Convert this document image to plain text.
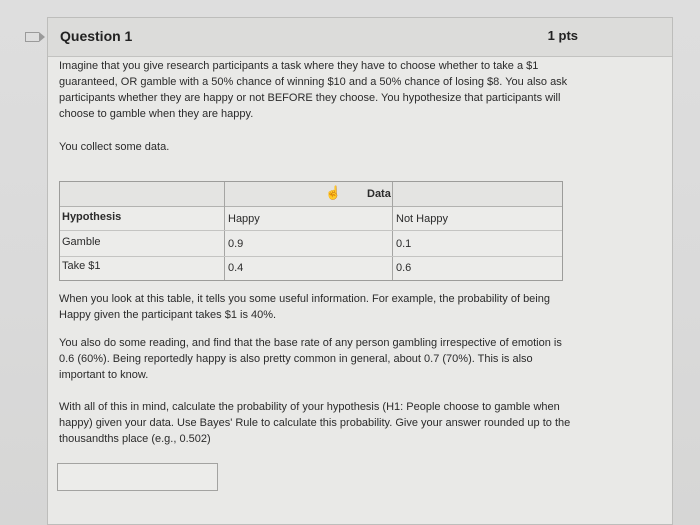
Question 1	1 pts
Imagine that you give research participants a task where they have to choose whether to take a $1 guaranteed, OR gamble with a 50% chance of winning $10 and a 50% chance of losing $8. You also ask participants whether they are happy or not BEFORE they choose. You hypothesize that participants will choose to gamble when they are happy.
You collect some data.
☝ Data
Hypothesis	Happy	Not Happy
Gamble	0.9	0.1
Take $1	0.4	0.6
When you look at this table, it tells you some useful information. For example, the probability of being Happy given the participant takes $1 is 40%.
You also do some reading, and find that the base rate of any person gambling irrespective of emotion is 0.6 (60%). Being reportedly happy is also pretty common in general, about 0.7 (70%). This is also important to know.
With all of this in mind, calculate the probability of your hypothesis (H1: People choose to gamble when happy) given your data. Use Bayes' Rule to calculate this probability. Give your answer rounded up to the thousandths place (e.g., 0.502)
